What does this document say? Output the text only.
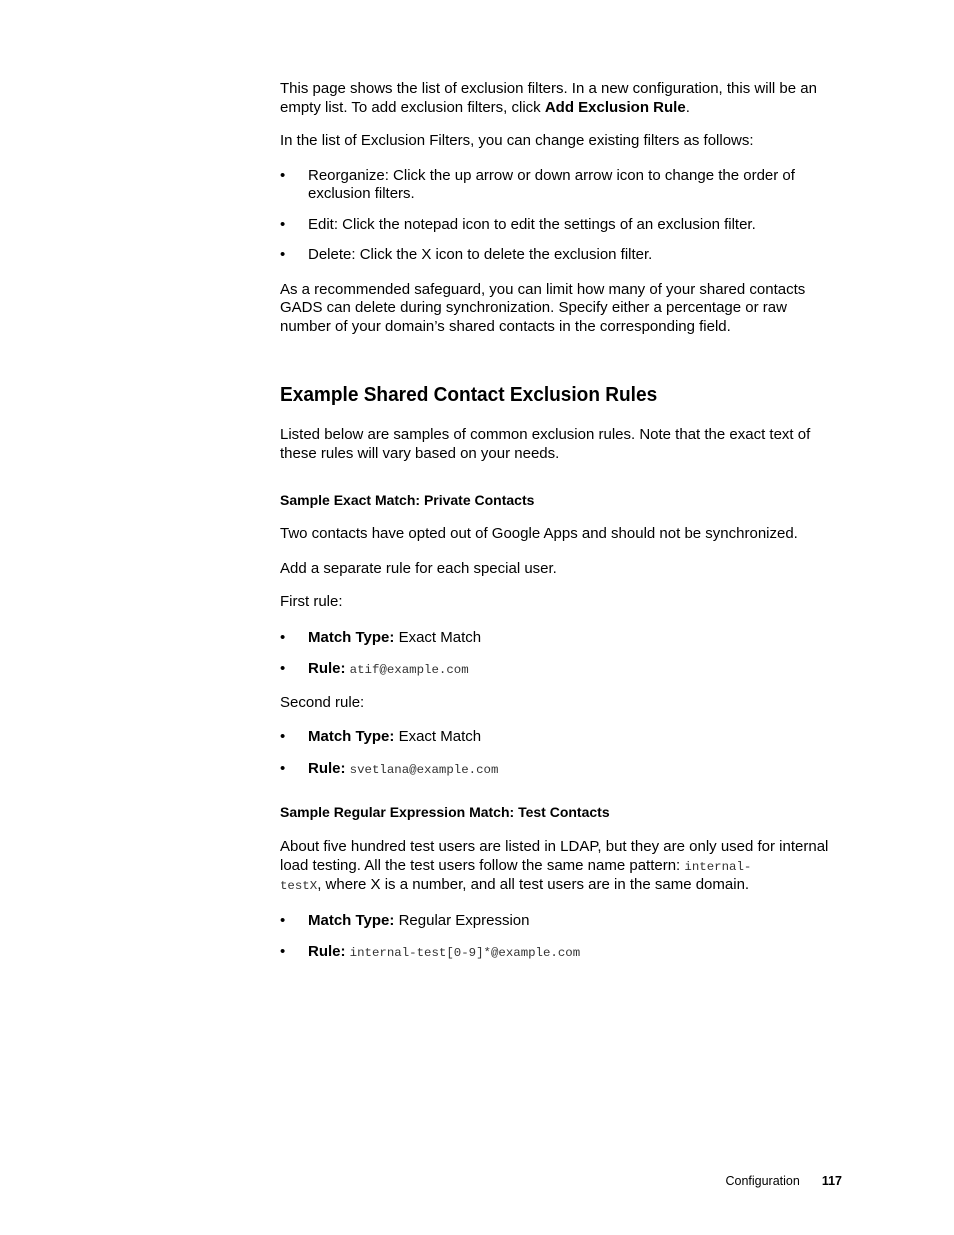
This page shows the list of exclusion filters. In a new configuration, this will be an empty list. To add exclusion filters, click Add Exclusion Rule.

In the list of Exclusion Filters, you can change existing filters as follows:

• Reorganize: Click the up arrow or down arrow icon to change the order of exclusion filters.
• Edit: Click the notepad icon to edit the settings of an exclusion filter.
• Delete: Click the X icon to delete the exclusion filter.

As a recommended safeguard, you can limit how many of your shared contacts GADS can delete during synchronization. Specify either a percentage or raw number of your domain’s shared contacts in the corresponding field.

Example Shared Contact Exclusion Rules

Listed below are samples of common exclusion rules. Note that the exact text of these rules will vary based on your needs.

Sample Exact Match: Private Contacts

Two contacts have opted out of Google Apps and should not be synchronized.

Add a separate rule for each special user.

First rule:

• Match Type: Exact Match
• Rule: atif@example.com

Second rule:

• Match Type: Exact Match
• Rule: svetlana@example.com
Sample Regular Expression Match: Test Contacts

About five hundred test users are listed in LDAP, but they are only used for internal load testing. All the test users follow the same name pattern: internal-
testX, where X is a number, and all test users are in the same domain.

• Match Type: Regular Expression
• Rule: internal-test[0-9]*@example.com
Configuration 117
